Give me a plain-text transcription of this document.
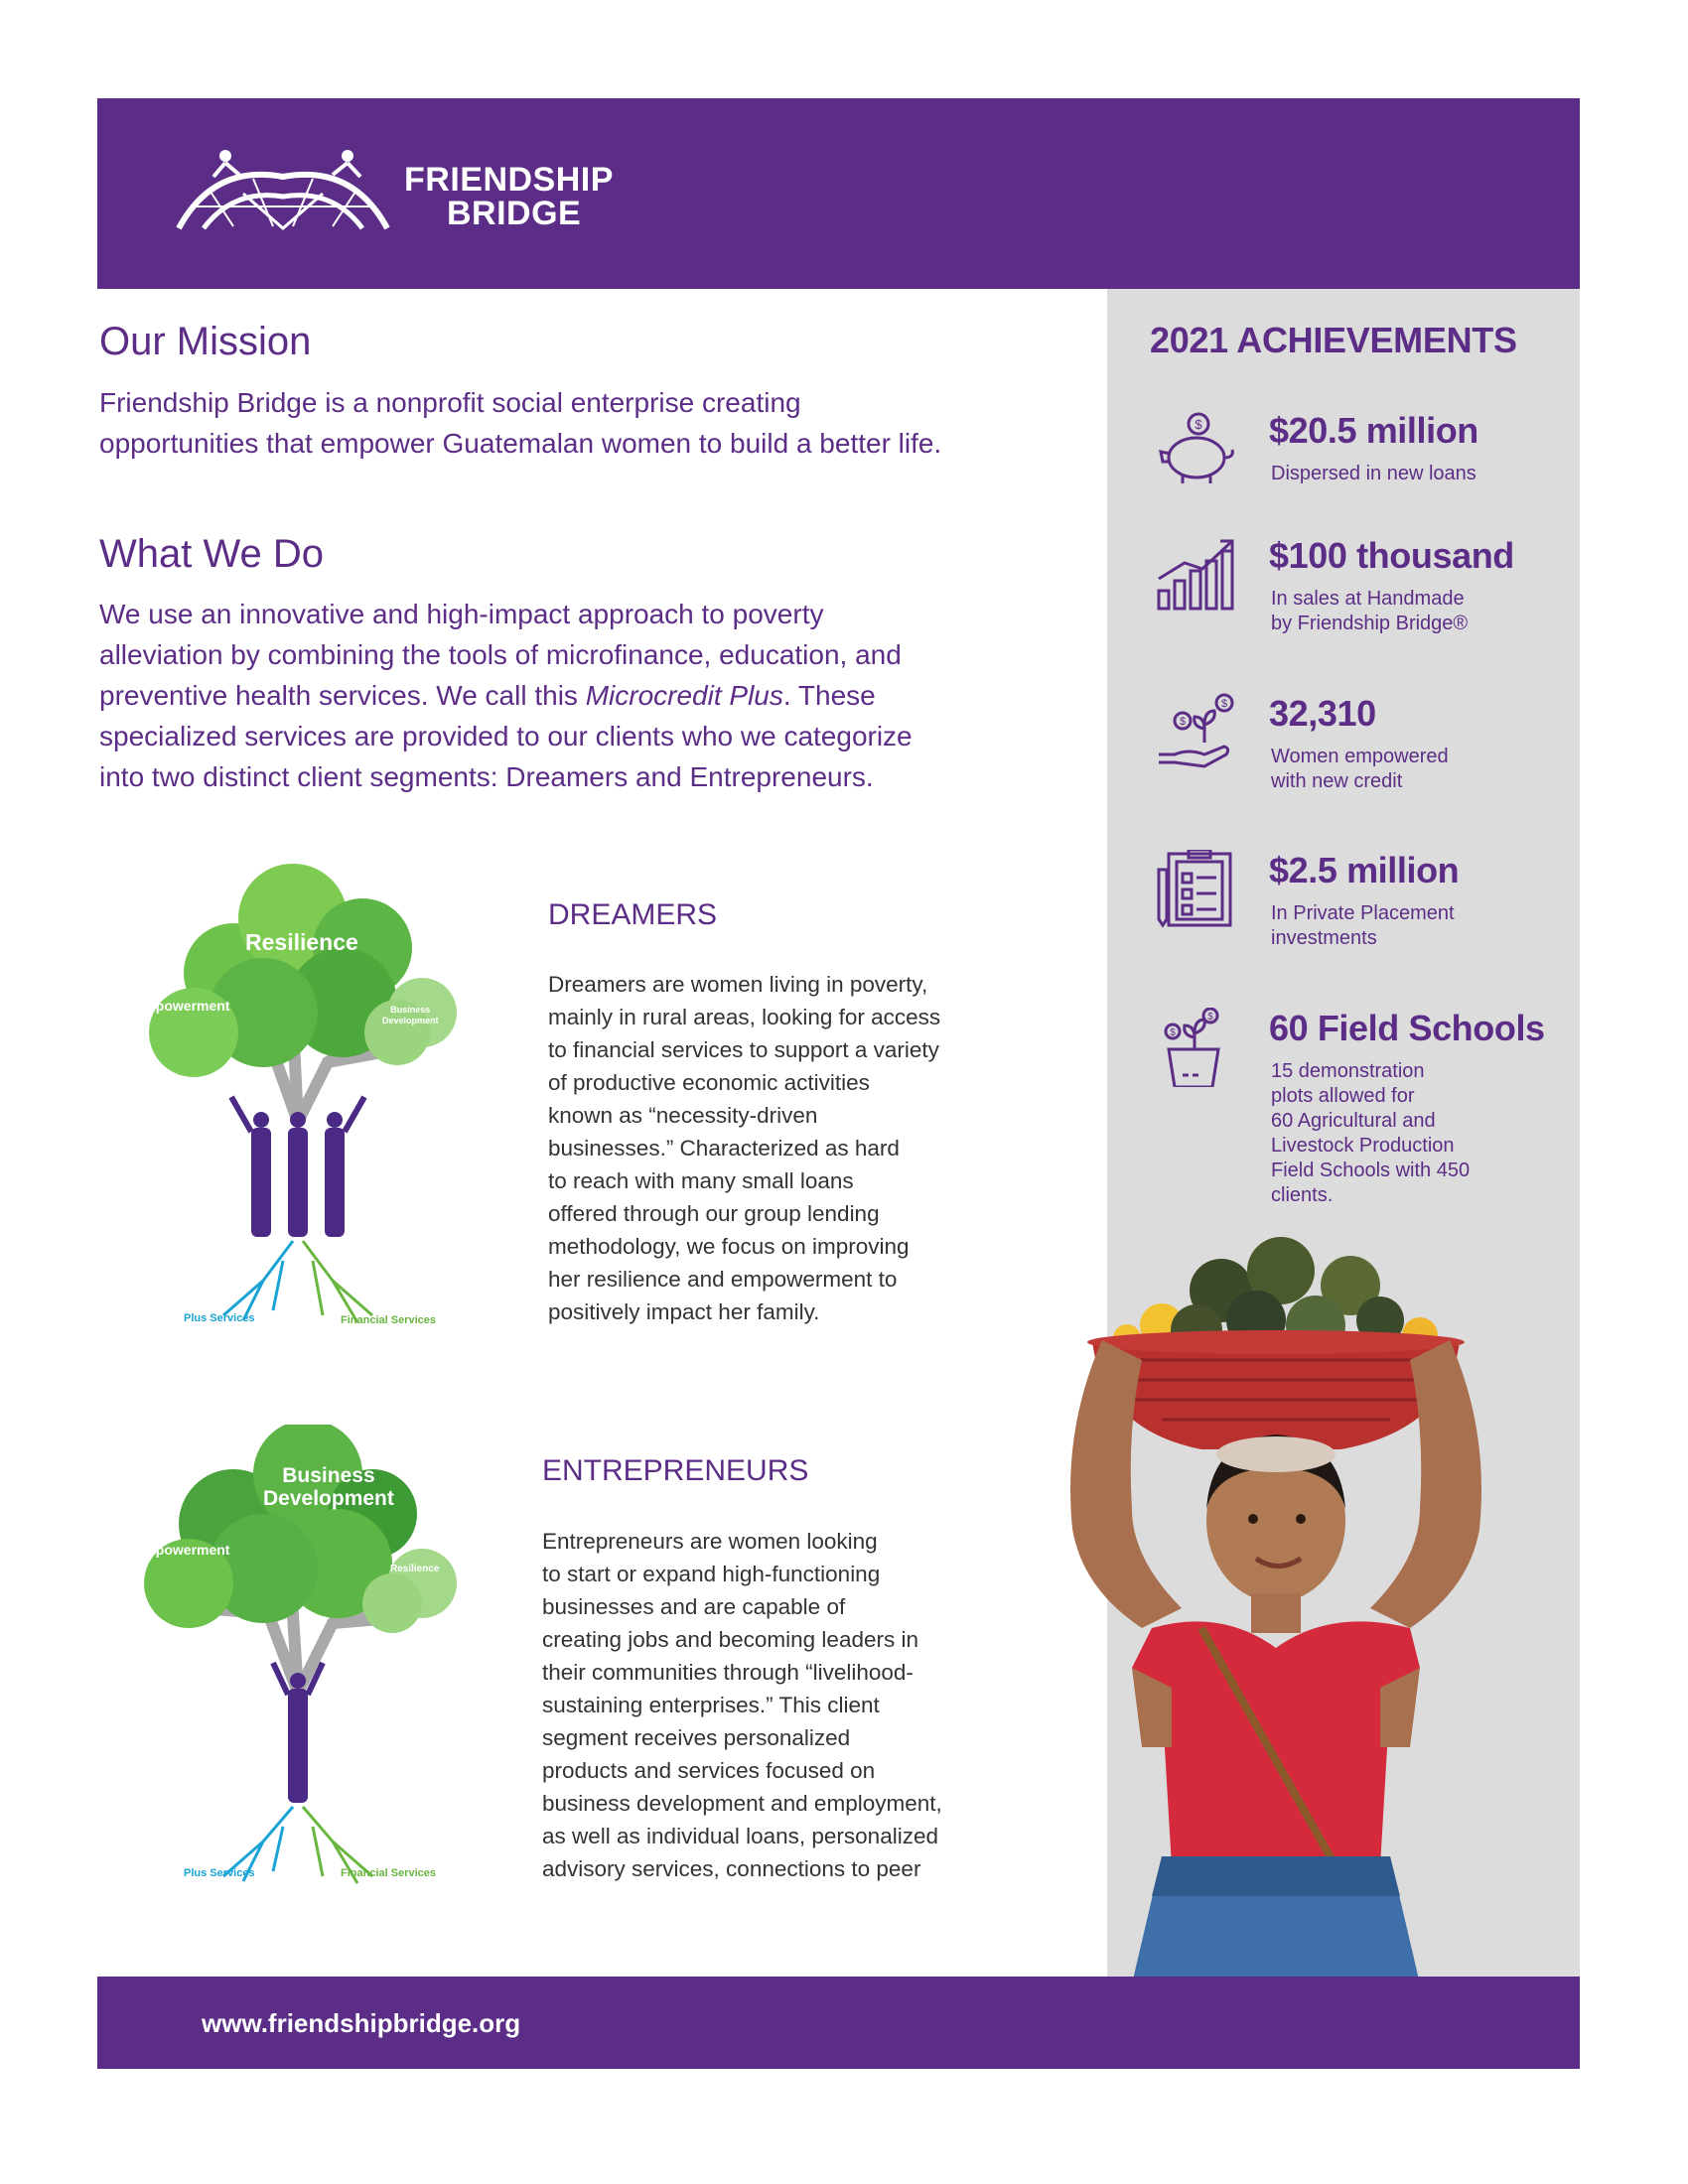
FRIENDSHIP
BRIDGE
2021 ACHIEVEMENTS
$ $20.5 million
Dispersed in new loans
$100 thousand
In sales at Handmade
by Friendship Bridge®
$
$ 32,310
Women empowered
with new credit
$2.5 million
In Private Placement
investments
$
$	60 Field Schools
15 demonstration
plots allowed for
60 Agricultural and
Livestock Production
Field Schools with 450
clients.
Our Mission

Friendship Bridge is a nonprofit social enterprise creating
opportunities that empower Guatemalan women to build a better life.

What We Do

We use an innovative and high-impact approach to poverty
alleviation by combining the tools of microfinance, education, and
preventive health services. We call this Microcredit Plus. These
specialized services are provided to our clients who we categorize
into two distinct client segments: Dreamers and Entrepreneurs.

Resilience
Empowerment	Business
Development
Plus Services	Financial Services
DREAMERS

Dreamers are women living in poverty,
mainly in rural areas, looking for access
to financial services to support a variety
of productive economic activities
known as “necessity-driven
businesses.” Characterized as hard
to reach with many small loans
offered through our group lending
methodology, we focus on improving
her resilience and empowerment to
positively impact her family.

Business
Development
Empowerment
Resilience
Plus Services	Financial Services
ENTREPRENEURS

Entrepreneurs are women looking
to start or expand high-functioning
businesses and are capable of
creating jobs and becoming leaders in
their communities through “livelihood-
sustaining enterprises.” This client
segment receives personalized
products and services focused on
business development and employment,
as well as individual loans, personalized
advisory services, connections to peer

www.friendshipbridge.org
